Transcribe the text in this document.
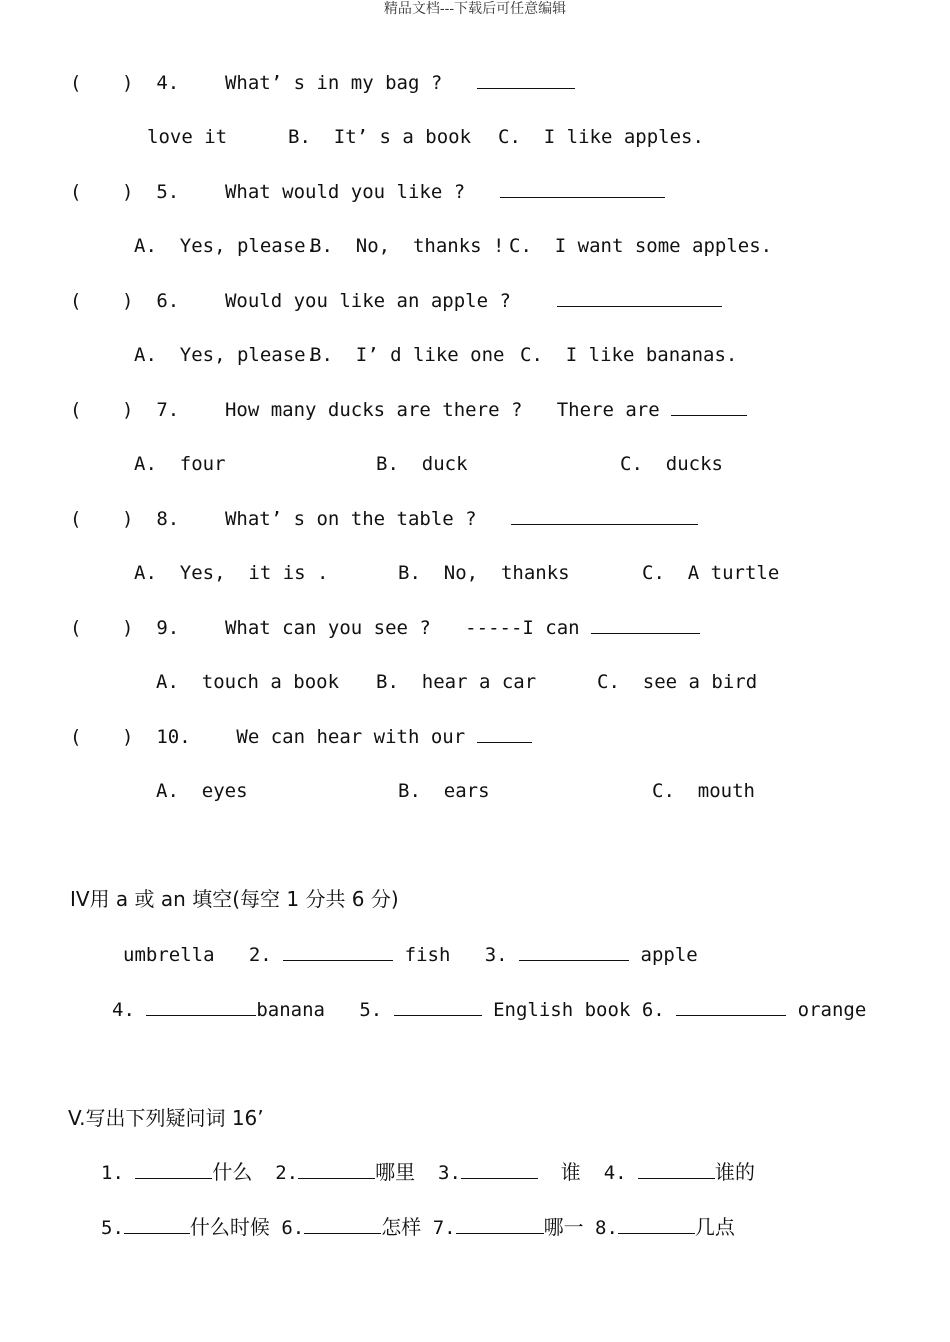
精品文档---下载后可任意编辑
( )  4. What’ s in my bag ?
love it	B.  It’ s a book C.  I like apples.
( )  5. What would you like ?
A.  Yes, please.
B.  No,  thanks ! C.  I want some apples.
( )  6. Would you like an apple ?
A.  Yes, please.
B.  I’ d like one C.  I like bananas.
( )  7. How many ducks are there ?   There are
A.  four	B.  duck	C.  ducks
( )  8. What’ s on the table ?
A.  Yes,  it is .	B.  No,  thanks	C.  A turtle
( )  9. What can you see ?   -----I can
A.  touch a book B.  hear a car	C.  see a bird
( )  10. We can hear with our
A.  eyes	B.  ears	C.  mouth
IV用 a 或 an 填空(每空 1 分共 6 分)
umbrella 2.	fish 3.	apple
4.	banana 5.	English book 6.	orange
V.写出下列疑问词 16’
1.	什么 2.	哪里 3.	谁 4.	谁的
5.	什么时候 6.	怎样 7.	哪一 8.	几点
